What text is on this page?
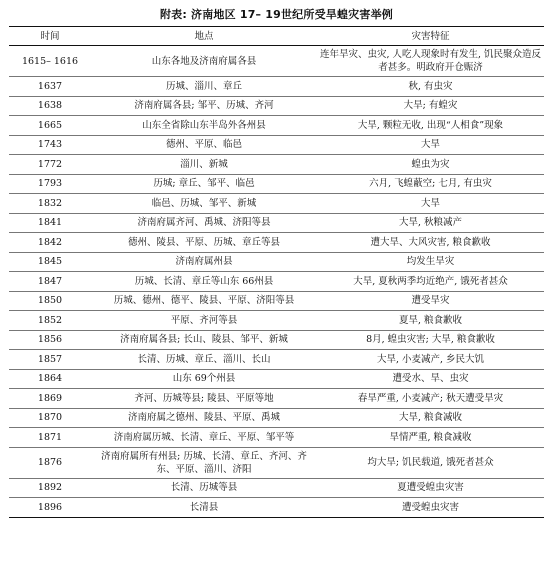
附表: 济南地区 17– 19世纪所受旱蝗灾害举例
时间	地点	灾害特征
1615– 1616	山东各地及济南府属各县	连年旱灾、虫灾, 人吃人现象时有发生, 饥民聚众造反者甚多。明政府开仓赈济
1637	历城、淄川、章丘	秋, 有虫灾
1638	济南府属各县; 邹平、历城、齐河	大旱; 有蝗灾
1665	山东全省除山东半岛外各州县	大旱, 颗粒无收, 出现“人相食”现象
1743	德州、平原、临邑	大旱
1772	淄川、新城	蝗虫为灾
1793	历城; 章丘、邹平、临邑	六月, 飞蝗蔽空; 七月, 有虫灾
1832	临邑、历城、邹平、新城	大旱
1841	济南府属齐河、禹城、济阳等县	大旱, 秋粮减产
1842	德州、陵县、平原、历城、章丘等县	遭大旱、大风灾害, 粮食歉收
1845	济南府属州县	均发生旱灾
1847	历城、长清、章丘等山东 66州县	大旱, 夏秋两季均近绝产, 饿死者甚众
1850	历城、德州、德平、陵县、平原、济阳等县	遭受旱灾
1852	平原、齐河等县	夏旱, 粮食歉收
1856	济南府属各县; 长山、陵县、邹平、新城	8月, 蝗虫灾害; 大旱, 粮食歉收
1857	长清、历城、章丘、淄川、长山	大旱, 小麦减产, 乡民大饥
1864	山东 69个州县	遭受水、旱、虫灾
1869	齐河、历城等县; 陵县、平原等地	春旱严重, 小麦减产; 秋天遭受旱灾
1870	济南府属之德州、陵县、平原、禹城	大旱, 粮食减收
1871	济南府属历城、长清、章丘、平原、邹平等	旱情严重, 粮食减收
1876	济南府属所有州县; 历城、长清、章丘、齐河、齐东、平原、淄川、济阳	均大旱; 饥民载道, 饿死者甚众
1892	长清、历城等县	夏遭受蝗虫灾害
1896	长清县	遭受蝗虫灾害
